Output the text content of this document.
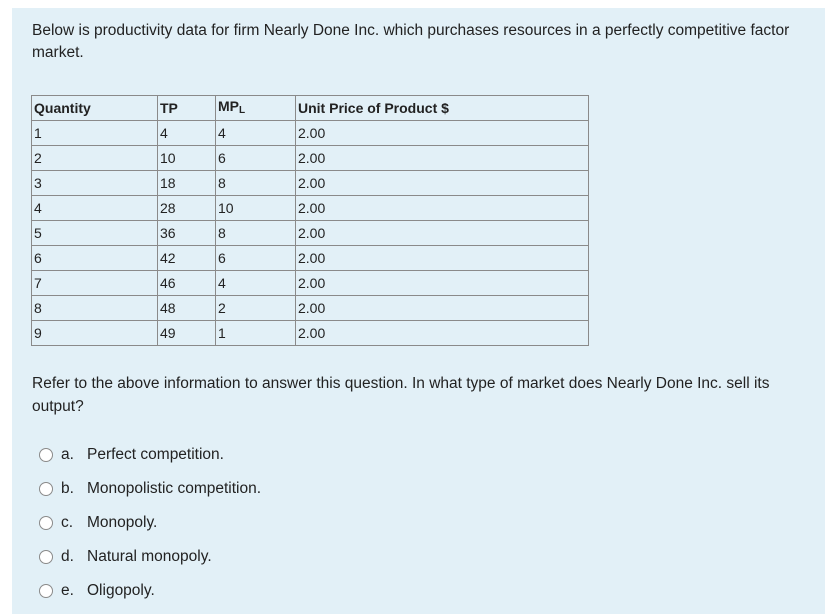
Below is productivity data for firm Nearly Done Inc. which purchases resources in a perfectly competitive factor market.

Quantity	TP	$MP_L$	Unit Price of Product $
1	4	4	2.00
2	10	6	2.00
3	18	8	2.00
4	28	10	2.00
5	36	8	2.00
6	42	6	2.00
7	46	4	2.00
8	48	2	2.00
9	49	1	2.00

Refer to the above information to answer this question. In what type of market does Nearly Done Inc. sell its output?

a. Perfect competition.
b. Monopolistic competition.
c. Monopoly.
d. Natural monopoly.
e. Oligopoly.
